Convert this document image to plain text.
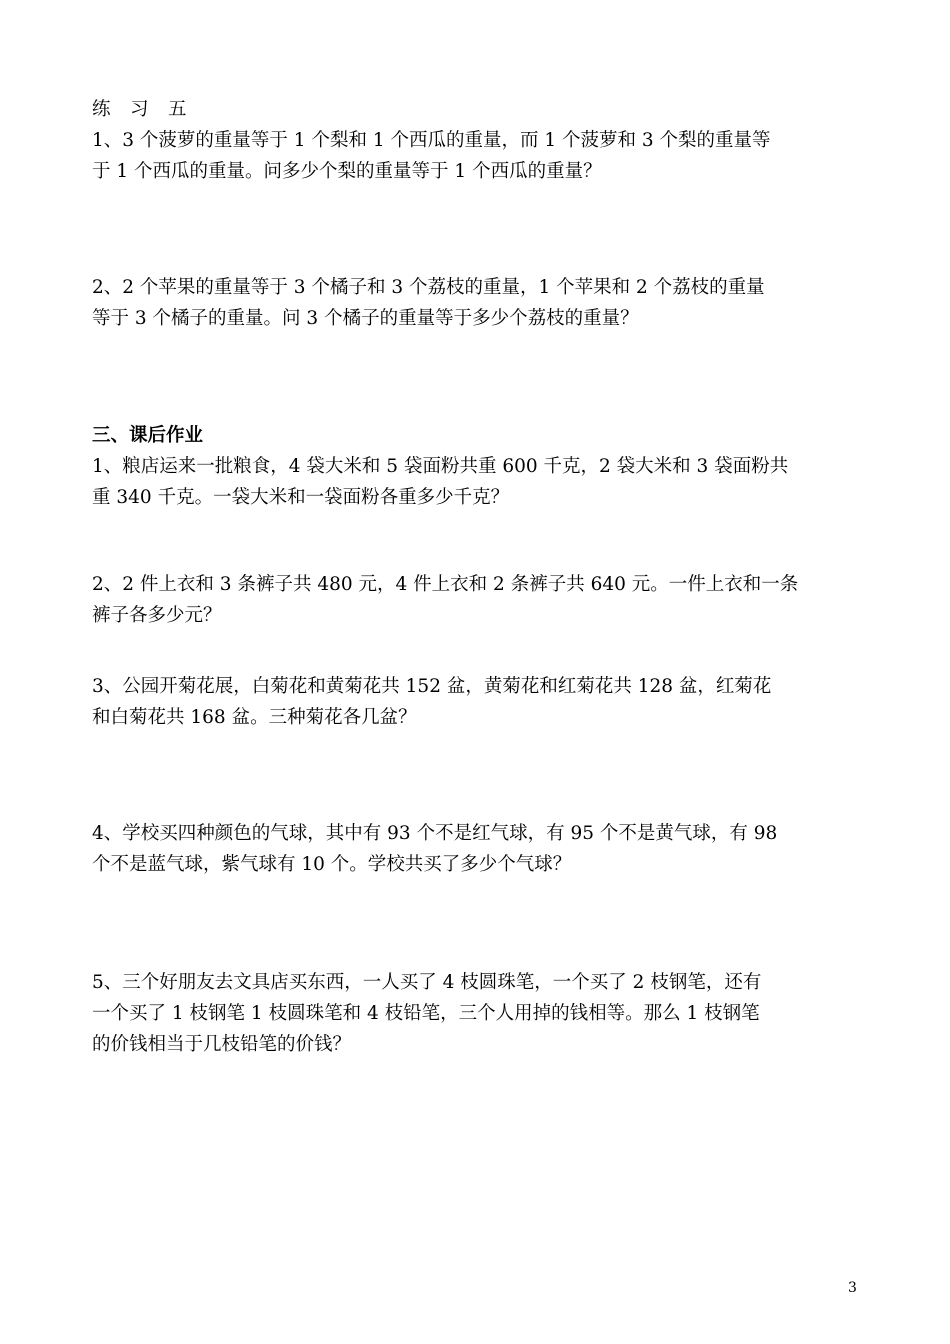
练　习　五
1、3 个菠萝的重量等于 1 个梨和 1 个西瓜的重量，而 1 个菠萝和 3 个梨的重量等
于 1 个西瓜的重量。问多少个梨的重量等于 1 个西瓜的重量？
2、2 个苹果的重量等于 3 个橘子和 3 个荔枝的重量，1 个苹果和 2 个荔枝的重量
等于 3 个橘子的重量。问 3 个橘子的重量等于多少个荔枝的重量？
三、课后作业
1、粮店运来一批粮食，4 袋大米和 5 袋面粉共重 600 千克，2 袋大米和 3 袋面粉共
重 340 千克。一袋大米和一袋面粉各重多少千克？
2、2 件上衣和 3 条裤子共 480 元，4 件上衣和 2 条裤子共 640 元。一件上衣和一条
裤子各多少元？
3、公园开菊花展，白菊花和黄菊花共 152 盆，黄菊花和红菊花共 128 盆，红菊花
和白菊花共 168 盆。三种菊花各几盆？
4、学校买四种颜色的气球，其中有 93 个不是红气球，有 95 个不是黄气球，有 98
个不是蓝气球，紫气球有 10 个。学校共买了多少个气球？
5、三个好朋友去文具店买东西，一人买了 4 枝圆珠笔，一个买了 2 枝钢笔，还有
一个买了 1 枝钢笔 1 枝圆珠笔和 4 枝铅笔，三个人用掉的钱相等。那么 1 枝钢笔
的价钱相当于几枝铅笔的价钱？
3
